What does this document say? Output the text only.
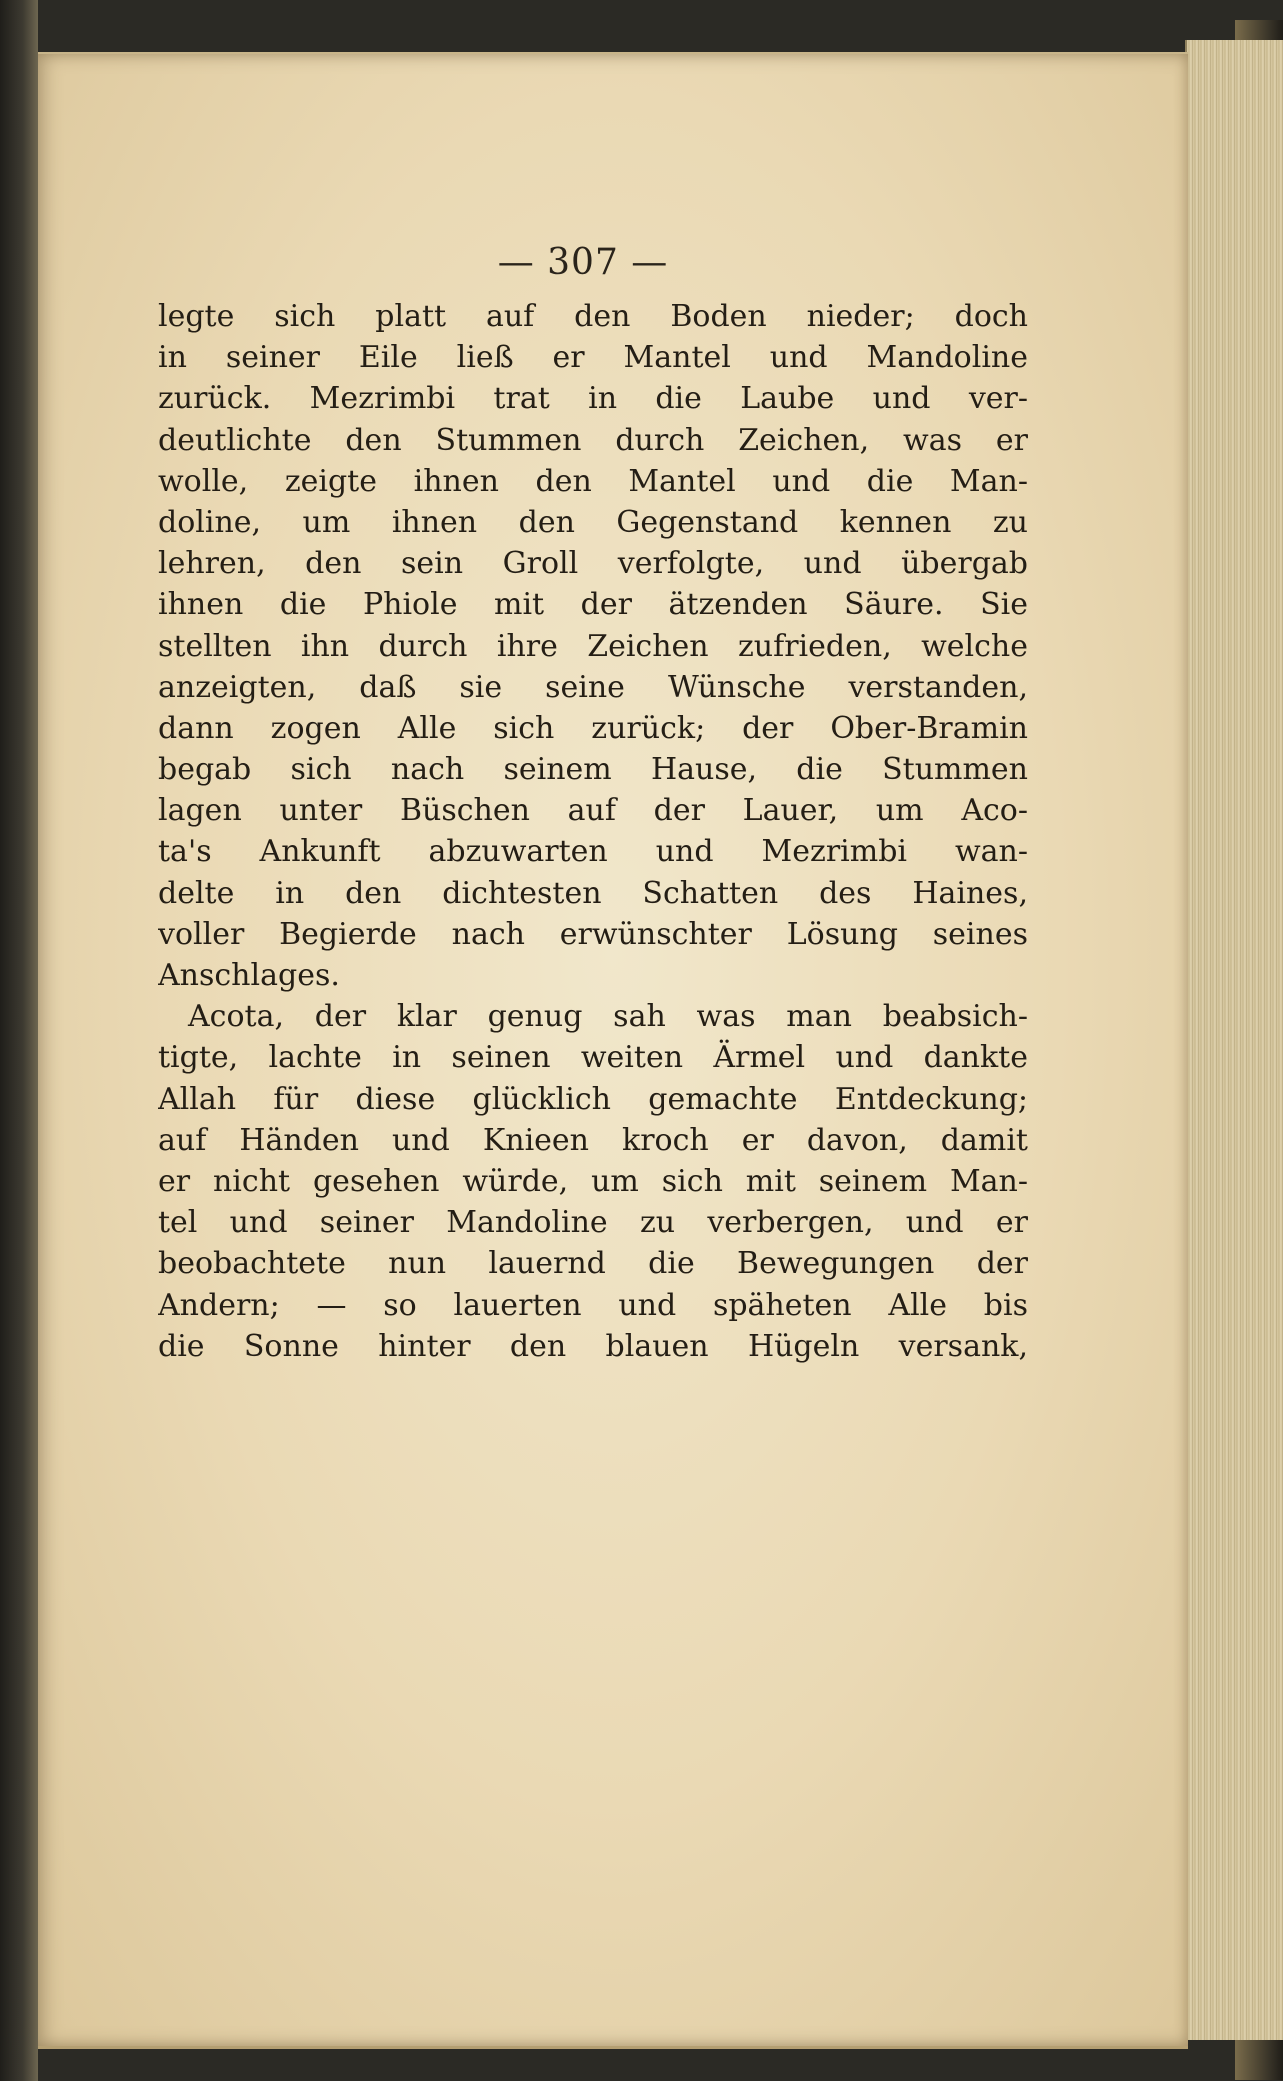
— 307 —
legte sich platt auf den Boden nieder; doch
in seiner Eile ließ er Mantel und Mandoline
zurück. Mezrimbi trat in die Laube und ver-
deutlichte den Stummen durch Zeichen, was er
wolle, zeigte ihnen den Mantel und die Man-
doline, um ihnen den Gegenstand kennen zu
lehren, den sein Groll verfolgte, und übergab
ihnen die Phiole mit der ätzenden Säure. Sie
stellten ihn durch ihre Zeichen zufrieden, welche
anzeigten, daß sie seine Wünsche verstanden,
dann zogen Alle sich zurück; der Ober-Bramin
begab sich nach seinem Hause, die Stummen
lagen unter Büschen auf der Lauer, um Aco-
ta's Ankunft abzuwarten und Mezrimbi wan-
delte in den dichtesten Schatten des Haines,
voller Begierde nach erwünschter Lösung seines
Anschlages.
Acota, der klar genug sah was man beabsich-
tigte, lachte in seinen weiten Ärmel und dankte
Allah für diese glücklich gemachte Entdeckung;
auf Händen und Knieen kroch er davon, damit
er nicht gesehen würde, um sich mit seinem Man-
tel und seiner Mandoline zu verbergen, und er
beobachtete nun lauernd die Bewegungen der
Andern; — so lauerten und späheten Alle bis
die Sonne hinter den blauen Hügeln versank,
